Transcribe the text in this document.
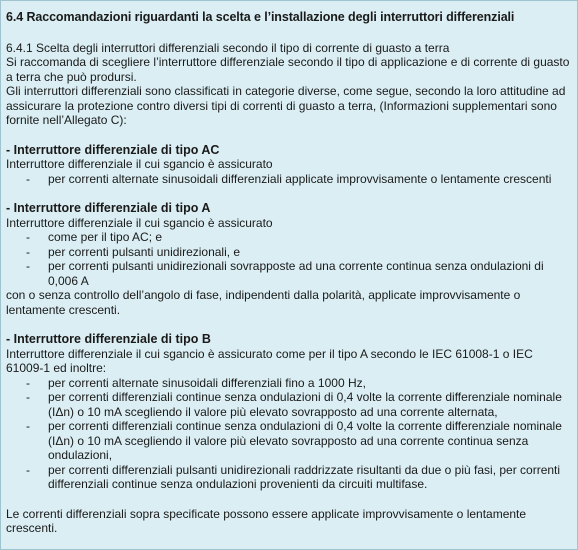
6.4 Raccomandazioni riguardanti la scelta e l’installazione degli interruttori differenziali

6.4.1 Scelta degli interruttori differenziali secondo il tipo di corrente di guasto a terra

Si raccomanda di scegliere l’interruttore differenziale secondo il tipo di applicazione e di corrente di guasto a terra che può prodursi.

Gli interruttori differenziali sono classificati in categorie diverse, come segue, secondo la loro attitudine ad assicurare la protezione contro diversi tipi di correnti di guasto a terra, (Informazioni supplementari sono fornite nell’Allegato C):

- Interruttore differenziale di tipo AC

Interruttore differenziale il cui sgancio è assicurato

- per correnti alternate sinusoidali differenziali applicate improvvisamente o lentamente crescenti
- Interruttore differenziale di tipo A

Interruttore differenziale il cui sgancio è assicurato

- come per il tipo AC; e
- per correnti pulsanti unidirezionali, e
- per correnti pulsanti unidirezionali sovrapposte ad una corrente continua senza ondulazioni di 0,006 A

con o senza controllo dell’angolo di fase, indipendenti dalla polarità, applicate improvvisamente o lentamente crescenti.

- Interruttore differenziale di tipo B

Interruttore differenziale il cui sgancio è assicurato come per il tipo A secondo le IEC 61008-1 o IEC 61009-1 ed inoltre:

- per correnti alternate sinusoidali differenziali fino a 1000 Hz,
- per correnti differenziali continue senza ondulazioni di 0,4 volte la corrente differenziale nominale (IΔn) o 10 mA scegliendo il valore più elevato sovrapposto ad una corrente alternata,
- per correnti differenziali continue senza ondulazioni di 0,4 volte la corrente differenziale nominale (IΔn) o 10 mA scegliendo il valore più elevato sovrapposto ad una corrente continua senza ondulazioni,
- per correnti differenziali pulsanti unidirezionali raddrizzate risultanti da due o più fasi, per correnti differenziali continue senza ondulazioni provenienti da circuiti multifase.

Le correnti differenziali sopra specificate possono essere applicate improvvisamente o lentamente crescenti.
